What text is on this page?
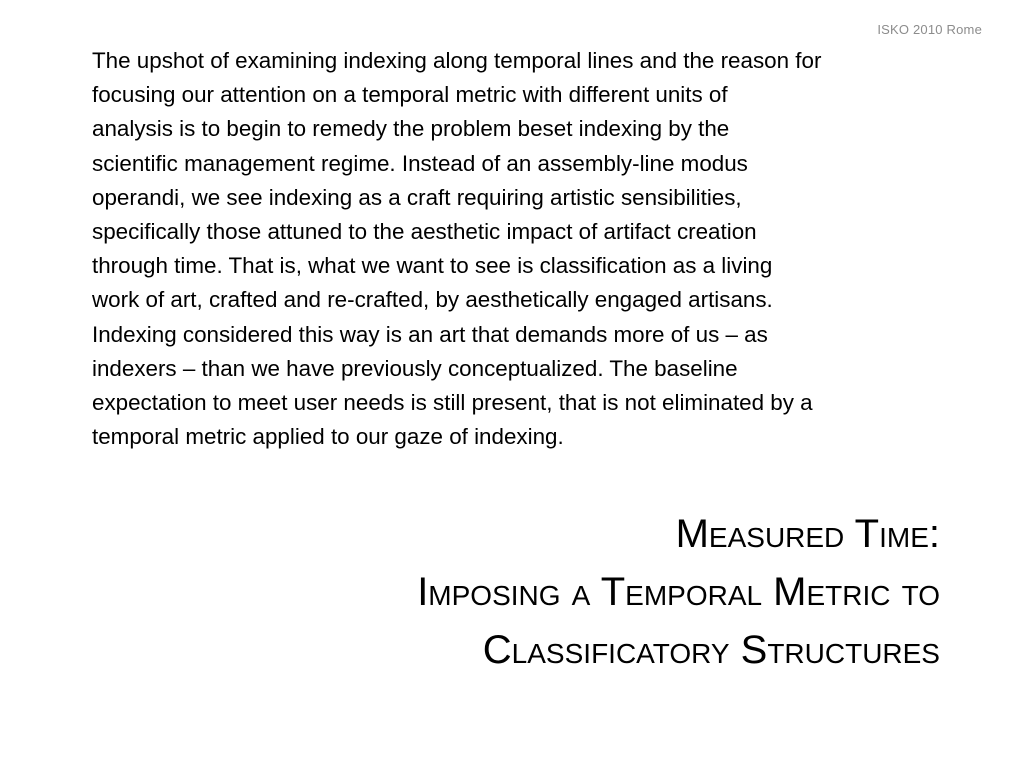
ISKO 2010 Rome
The upshot of examining indexing along temporal lines and the reason for
focusing our attention on a temporal metric with different units of
analysis is to begin to remedy the problem beset indexing by the
scientific management regime. Instead of an assembly-line modus
operandi, we see indexing as a craft requiring artistic sensibilities,
specifically those attuned to the aesthetic impact of artifact creation
through time. That is, what we want to see is classification as a living
work of art, crafted and re-crafted, by aesthetically engaged artisans.
Indexing considered this way is an art that demands more of us – as
indexers – than we have previously conceptualized. The baseline
expectation to meet user needs is still present, that is not eliminated by a
temporal metric applied to our gaze of indexing.
Measured Time:
Imposing a Temporal Metric to
Classificatory Structures
